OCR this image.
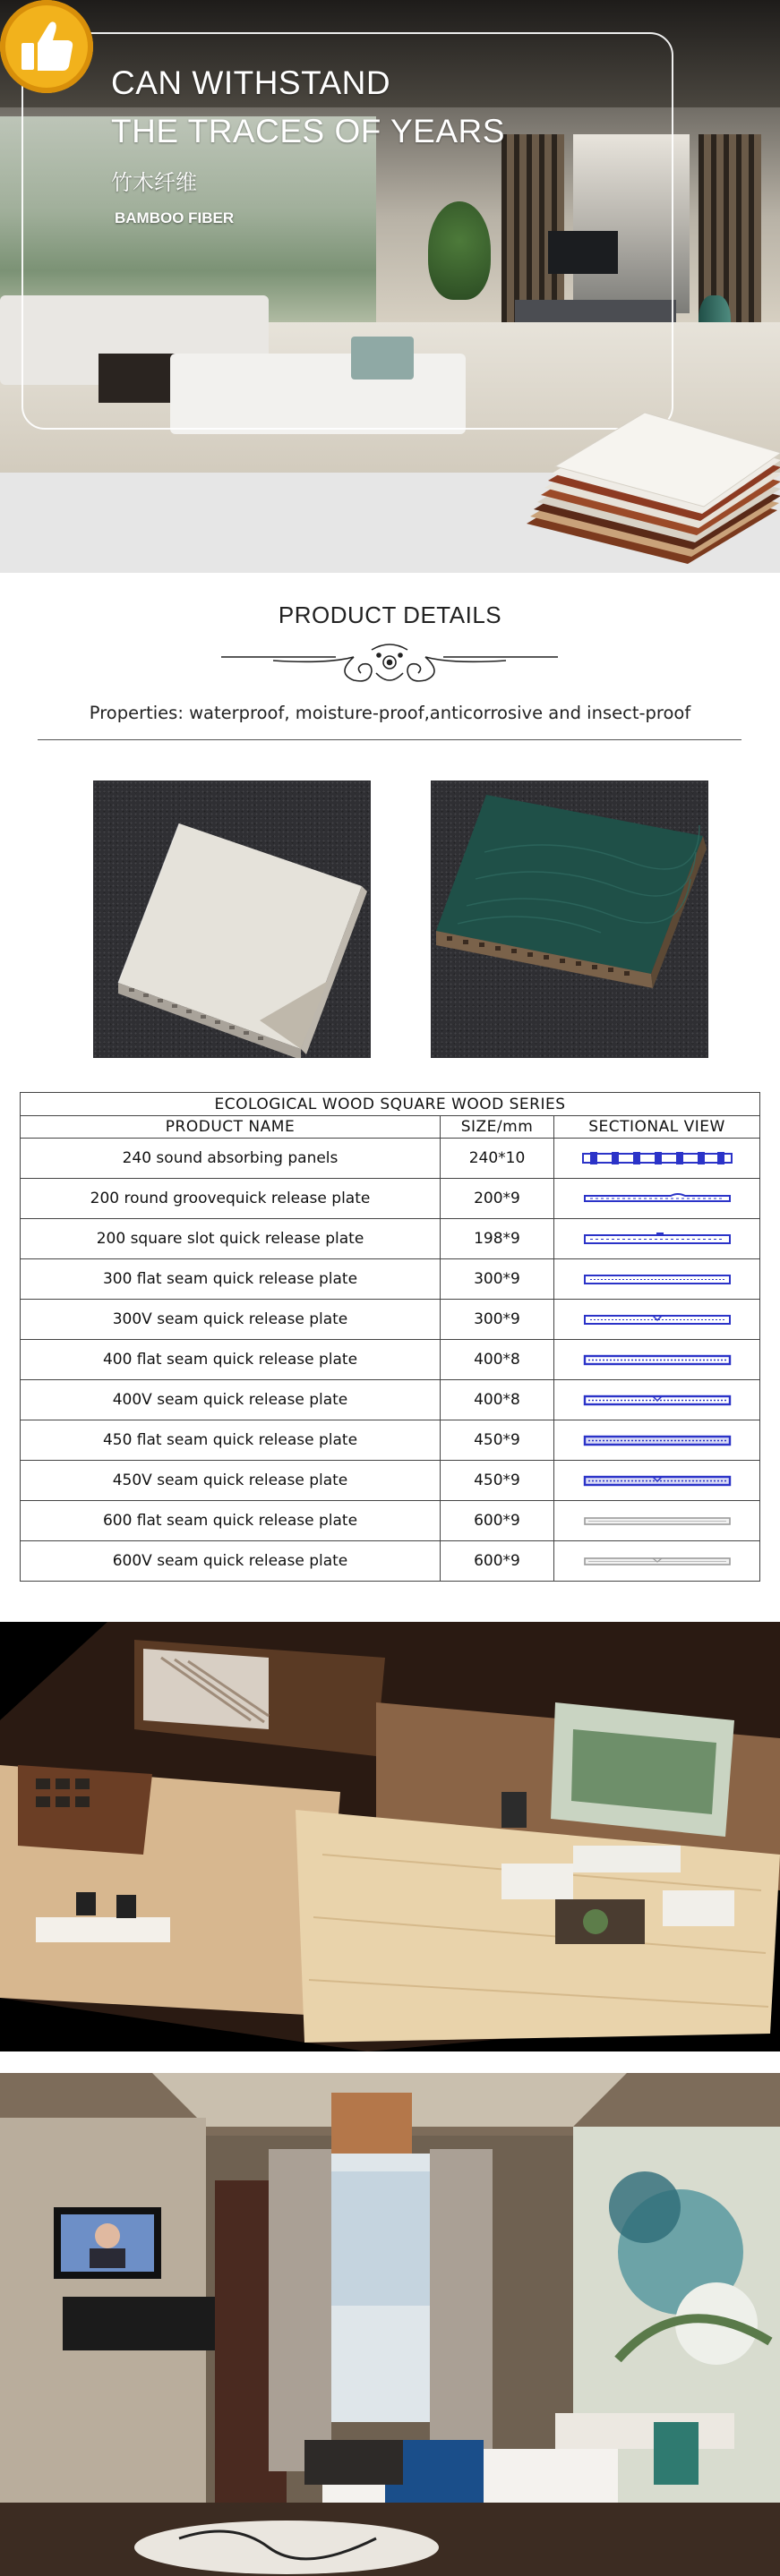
CAN WITHSTAND
THE TRACES OF YEARS
竹木纤维
BAMBOO FIBER
PRODUCT DETAILS
Properties: waterproof, moisture-proof,anticorrosive and insect-proof
ECOLOGICAL WOOD SQUARE WOOD SERIES		
PRODUCT NAME	SIZE/mm	SECTIONAL VIEW
240 sound absorbing panels	240*10	

200 round groovequick release plate	200*9	

200 square slot quick release plate	198*9	

300 flat seam quick release plate	300*9	

300V seam quick release plate	300*9	

400 flat seam quick release plate	400*8	

400V seam quick release plate	400*8	

450 flat seam quick release plate	450*9	

450V seam quick release plate	450*9	

600 flat seam quick release plate	600*9	

600V seam quick release plate	600*9	
